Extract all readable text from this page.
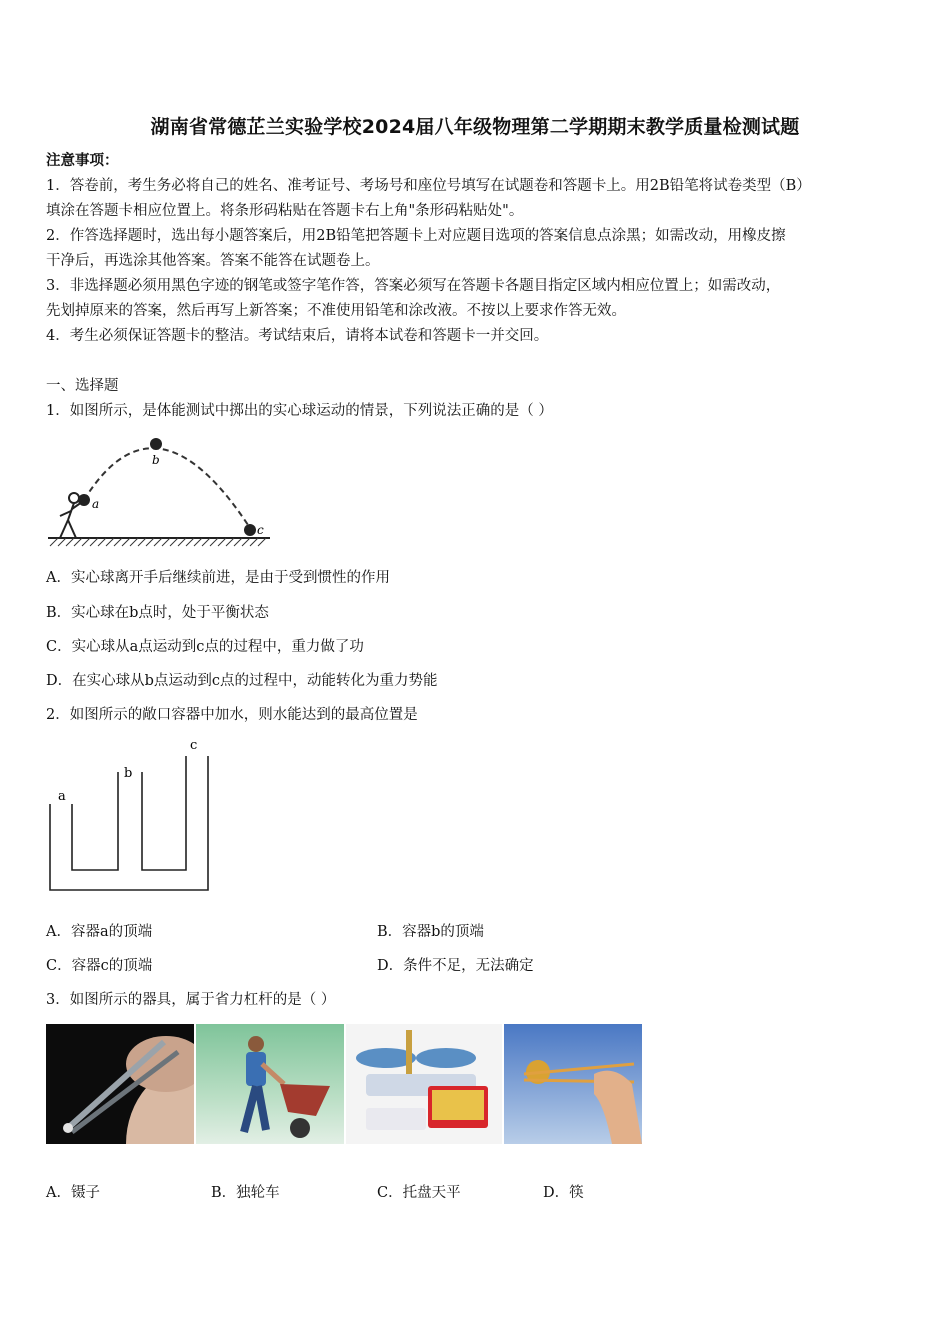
湖南省常德芷兰实验学校2024届八年级物理第二学期期末教学质量检测试题
注意事项：
1．答卷前，考生务必将自己的姓名、准考证号、考场号和座位号填写在试题卷和答题卡上。用2B铅笔将试卷类型（B）
填涂在答题卡相应位置上。将条形码粘贴在答题卡右上角"条形码粘贴处"。
2．作答选择题时，选出每小题答案后，用2B铅笔把答题卡上对应题目选项的答案信息点涂黑；如需改动，用橡皮擦
干净后，再选涂其他答案。答案不能答在试题卷上。
3．非选择题必须用黑色字迹的钢笔或签字笔作答，答案必须写在答题卡各题目指定区域内相应位置上；如需改动，
先划掉原来的答案，然后再写上新答案；不准使用铅笔和涂改液。不按以上要求作答无效。
4．考生必须保证答题卡的整洁。考试结束后，请将本试卷和答题卡一并交回。
一、选择题
1．如图所示，是体能测试中掷出的实心球运动的情景，下列说法正确的是（ ）
a
b
c
A．实心球离开手后继续前进，是由于受到惯性的作用
B．实心球在b点时，处于平衡状态
C．实心球从a点运动到c点的过程中，重力做了功
D．在实心球从b点运动到c点的过程中，动能转化为重力势能
2．如图所示的敞口容器中加水，则水能达到的最高位置是
a
b
c
A．容器a的顶端	B．容器b的顶端
C．容器c的顶端	D．条件不足，无法确定
3．如图所示的器具，属于省力杠杆的是（ ）
A．镊子	B．独轮车	C．托盘天平	D．筷
